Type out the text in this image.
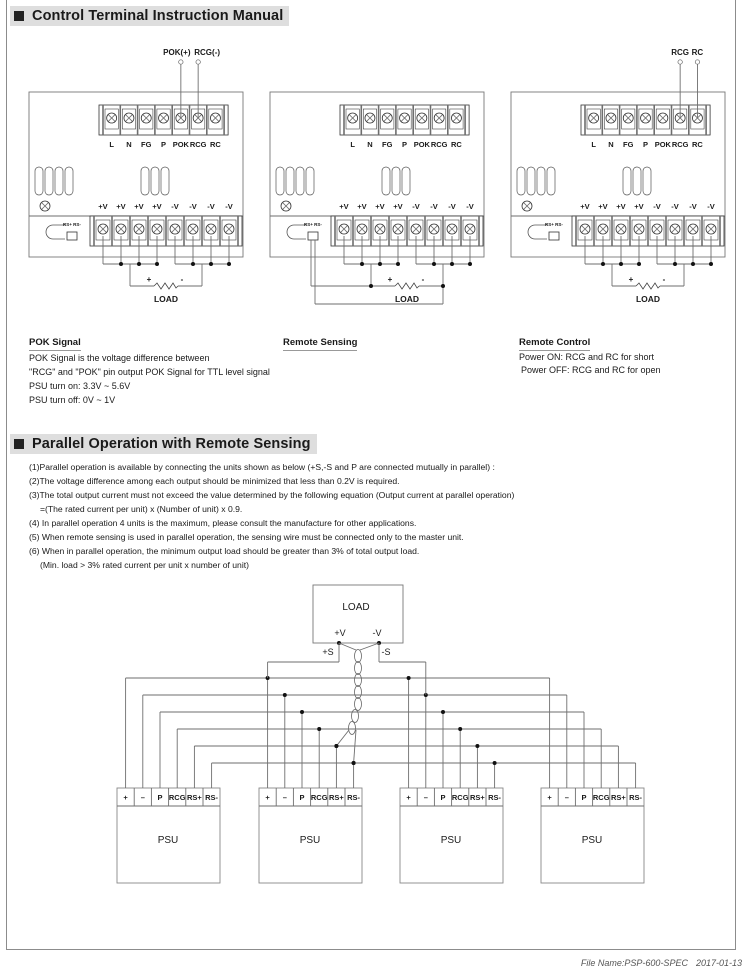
Control Terminal Instruction Manual
L N FG P POK RCG RC
+V +V +V +V -V -V -V -V
RS+ RS-
+	-
LOAD
POK(+) RCG(-)
L N FG P POK RCG RC
+V +V +V +V -V -V -V -V
RS+ RS-
+	-
LOAD
L N FG P POK RCG RC
+V +V +V +V -V -V -V -V
RS+ RS-
+	-
LOAD
RCG RC
POK Signal
POK Signal is the voltage difference between
"RCG" and "POK" pin output POK Signal for TTL level signal
PSU turn on: 3.3V ~ 5.6V
PSU turn off: 0V ~ 1V
Remote Sensing	Remote Control
Power ON: RCG and RC for short
Power OFF: RCG and RC for open
Parallel Operation with Remote Sensing
(1)Parallel operation is available by connecting the units shown as below (+S,-S and P are connected mutually in parallel) :
(2)The voltage difference among each output should be minimized that less than 0.2V is required.
(3)The total output current must not exceed the value determined by the following equation (Output current at parallel operation)
=(The rated current per unit) x (Number of unit) x 0.9.
(4) In parallel operation 4 units is the maximum, please consult the manufacture for other applications.
(5) When remote sensing is used in parallel operation, the sensing wire must be connected only to the master unit.
(6) When in parallel operation, the minimum output load should be greater than 3% of total output load.
(Min. load > 3% rated current per unit x number of unit)
LOAD
+V	-V
+S	-S
+ – P RCG RS+ RS-
PSU
+ – P RCG RS+ RS-
PSU
+ – P RCG RS+ RS-
PSU
+ – P RCG RS+ RS-
PSU
File Name:PSP-600-SPEC 2017-01-13
